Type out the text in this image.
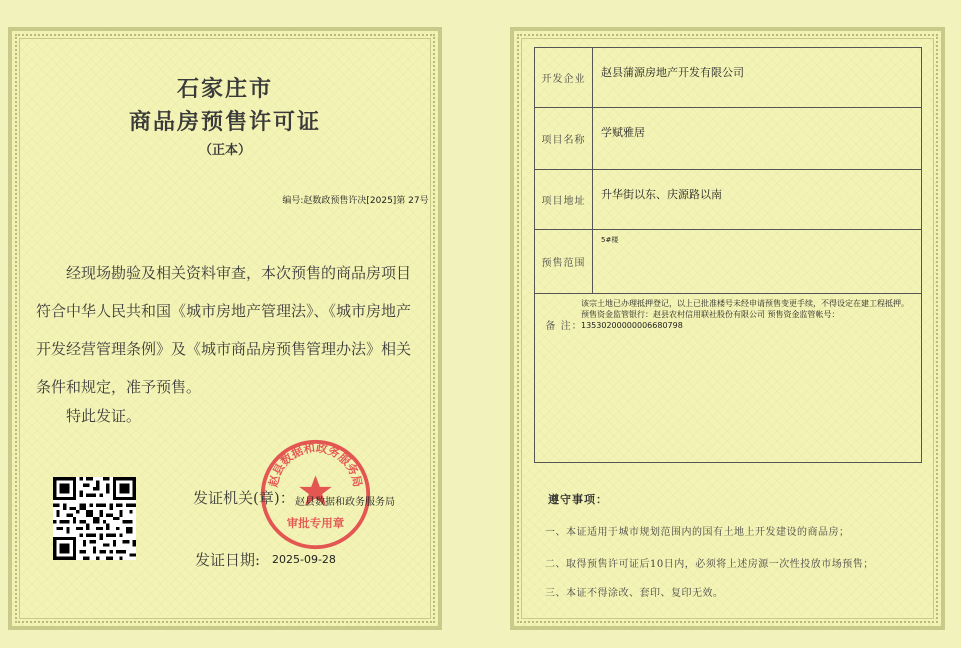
石家庄市
商品房预售许可证
（正本）
编号:赵数政预售许决[2025]第 27号

经现场勘验及相关资料审查，本次预售的商品房项目符合中华人民共和国《城市房地产管理法》、《城市房地产开发经营管理条例》及《城市商品房预售管理办法》相关条件和规定，准予预售。

特此发证。
赵县数据和政务服务局
审批专用章
发证机关(章)： 赵县数据和政务服务局
发证日期: 2025-09-28
开发企业
赵县蒲源房地产开发有限公司
项目名称
学赋雅居
项目地址
升华街以东、庆源路以南
预售范围
5#楼
备 注：
该宗土地已办理抵押登记，以上已批准楼号未经申请预售变更手续，不得设定在建工程抵押。 预售资金监管银行：赵县农村信用联社股份有限公司 预售资金监管帐号：13530200000006680798
遵守事项：
一、本证适用于城市规划范围内的国有土地上开发建设的商品房；
二、取得预售许可证后10日内，必须将上述房源一次性投放市场预售；
三、本证不得涂改、套印、复印无效。
